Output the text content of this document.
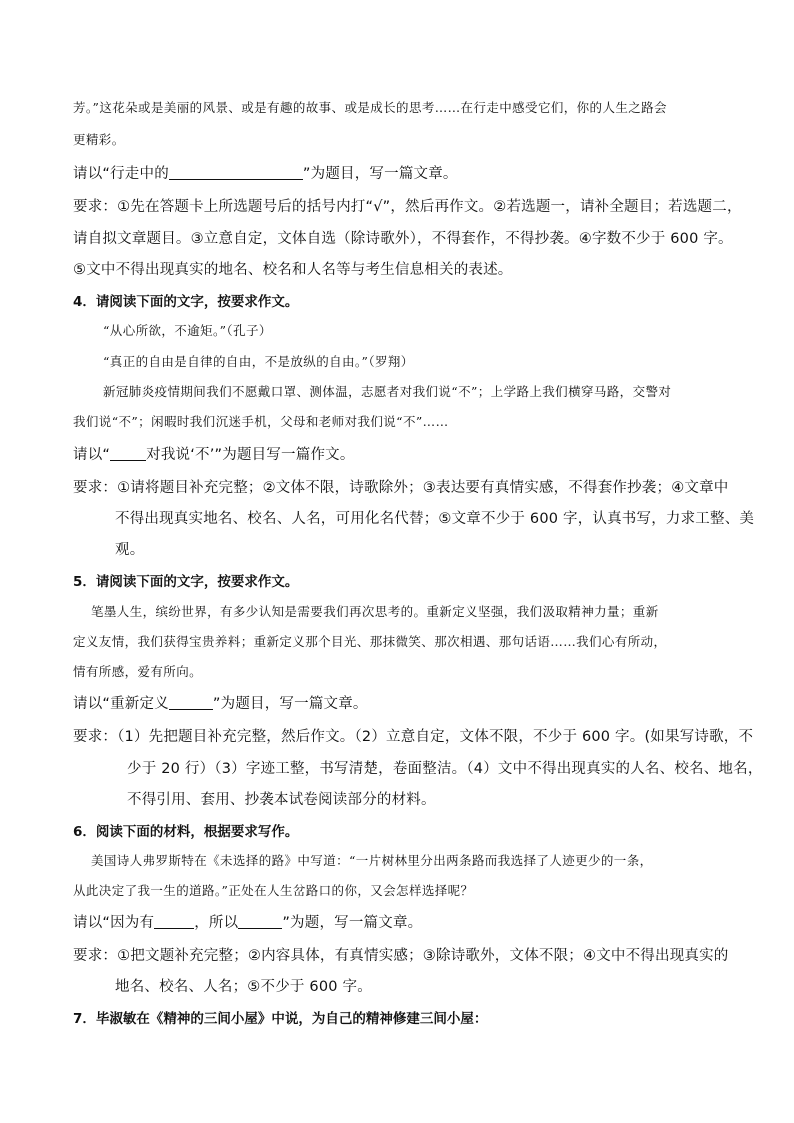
芳。”这花朵或是美丽的风景、或是有趣的故事、或是成长的思考……在行走中感受它们，你的人生之路会
更精彩。
请以“行走中的	”为题目，写一篇文章。
要求：①先在答题卡上所选题号后的括号内打“√”，然后再作文。②若选题一，请补全题目；若选题二，
请自拟文章题目。③立意自定，文体自选（除诗歌外），不得套作，不得抄袭。④字数不少于 600 字。
⑤文中不得出现真实的地名、校名和人名等与考生信息相关的表述。
4．请阅读下面的文字，按要求作文。
“从心所欲，不逾矩。”（孔子）
“真正的自由是自律的自由，不是放纵的自由。”（罗翔）
新冠肺炎疫情期间我们不愿戴口罩、测体温，志愿者对我们说“不”；上学路上我们横穿马路，交警对
我们说“不”；闲暇时我们沉迷手机，父母和老师对我们说“不”……
请以“ 对我说‘不’”为题目写一篇作文。
要求：①请将题目补充完整；②文体不限，诗歌除外；③表达要有真情实感，不得套作抄袭；④文章中
不得出现真实地名、校名、人名，可用化名代替；⑤文章不少于 600 字，认真书写，力求工整、美
观。
5．请阅读下面的文字，按要求作文。
笔墨人生，缤纷世界，有多少认知是需要我们再次思考的。重新定义坚强，我们汲取精神力量；重新
定义友情，我们获得宝贵养料；重新定义那个目光、那抹微笑、那次相遇、那句话语……我们心有所动，
情有所感，爱有所向。
请以“重新定义	”为题目，写一篇文章。
要求：（1）先把题目补充完整，然后作文。（2）立意自定，文体不限，不少于 600 字。(如果写诗歌，不
少于 20 行）（3）字迹工整，书写清楚，卷面整洁。（4）文中不得出现真实的人名、校名、地名，
不得引用、套用、抄袭本试卷阅读部分的材料。
6．阅读下面的材料，根据要求写作。
美国诗人弗罗斯特在《未选择的路》中写道：“一片树林里分出两条路而我选择了人迹更少的一条，
从此决定了我一生的道路。”正处在人生岔路口的你，又会怎样选择呢？
请以“因为有	，所以	”为题，写一篇文章。
要求：①把文题补充完整；②内容具体，有真情实感；③除诗歌外，文体不限；④文中不得出现真实的
地名、校名、人名；⑤不少于 600 字。
7．毕淑敏在《精神的三间小屋》中说，为自己的精神修建三间小屋：
